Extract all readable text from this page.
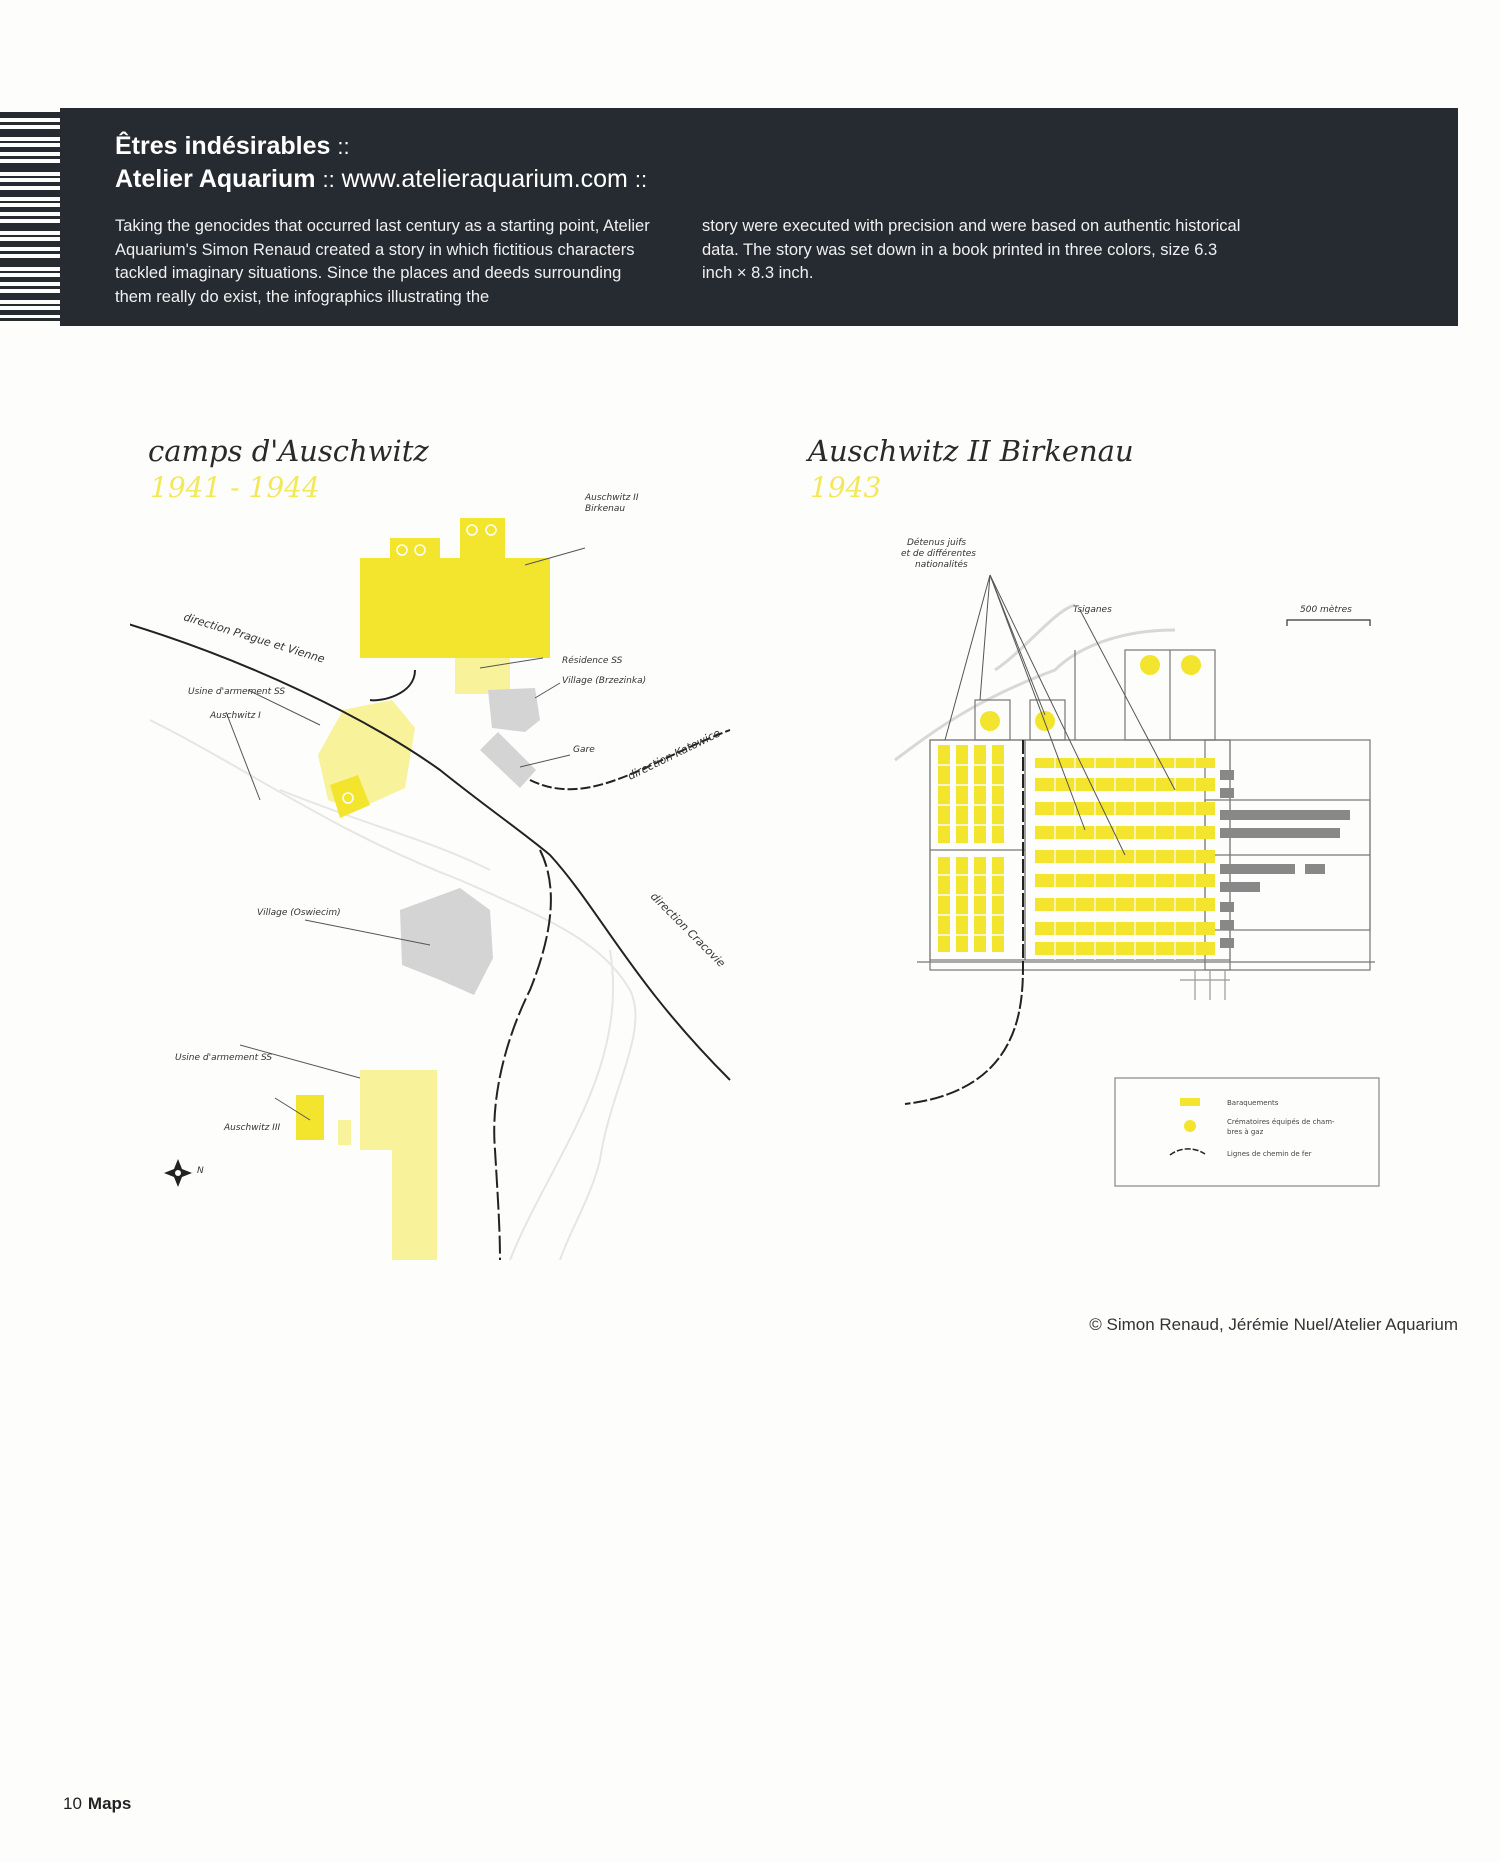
Êtres indésirables ::
Atelier Aquarium :: www.atelieraquarium.com ::
Taking the genocides that occurred last century as a starting point, Atelier Aquarium's Simon Renaud created a story in which fictitious characters tackled imaginary situations. Since the places and deeds surrounding them really do exist, the infographics illustrating the
story were executed with precision and were based on authentic historical data. The story was set down in a book printed in three colors, size 6.3 inch × 8.3 inch.
camps d'Auschwitz
1941 - 1944	Auschwitz II
Birkenau
Résidence SS
Village (Brzezinka)
Usine d'armement SS
Auschwitz I
Gare
Village (Oswiecim)
Usine d'armement SS
Auschwitz III
N
direction Prague et Vienne
direction Katowice
direction Cracovie
Auschwitz II Birkenau
1943
Détenus juifs
et de différentes
nationalités
Tsiganes	500 mètres
Baraquements
Crématoires équipés de cham-
bres à gaz
Lignes de chemin de fer
© Simon Renaud, Jérémie Nuel/Atelier Aquarium
10 Maps
